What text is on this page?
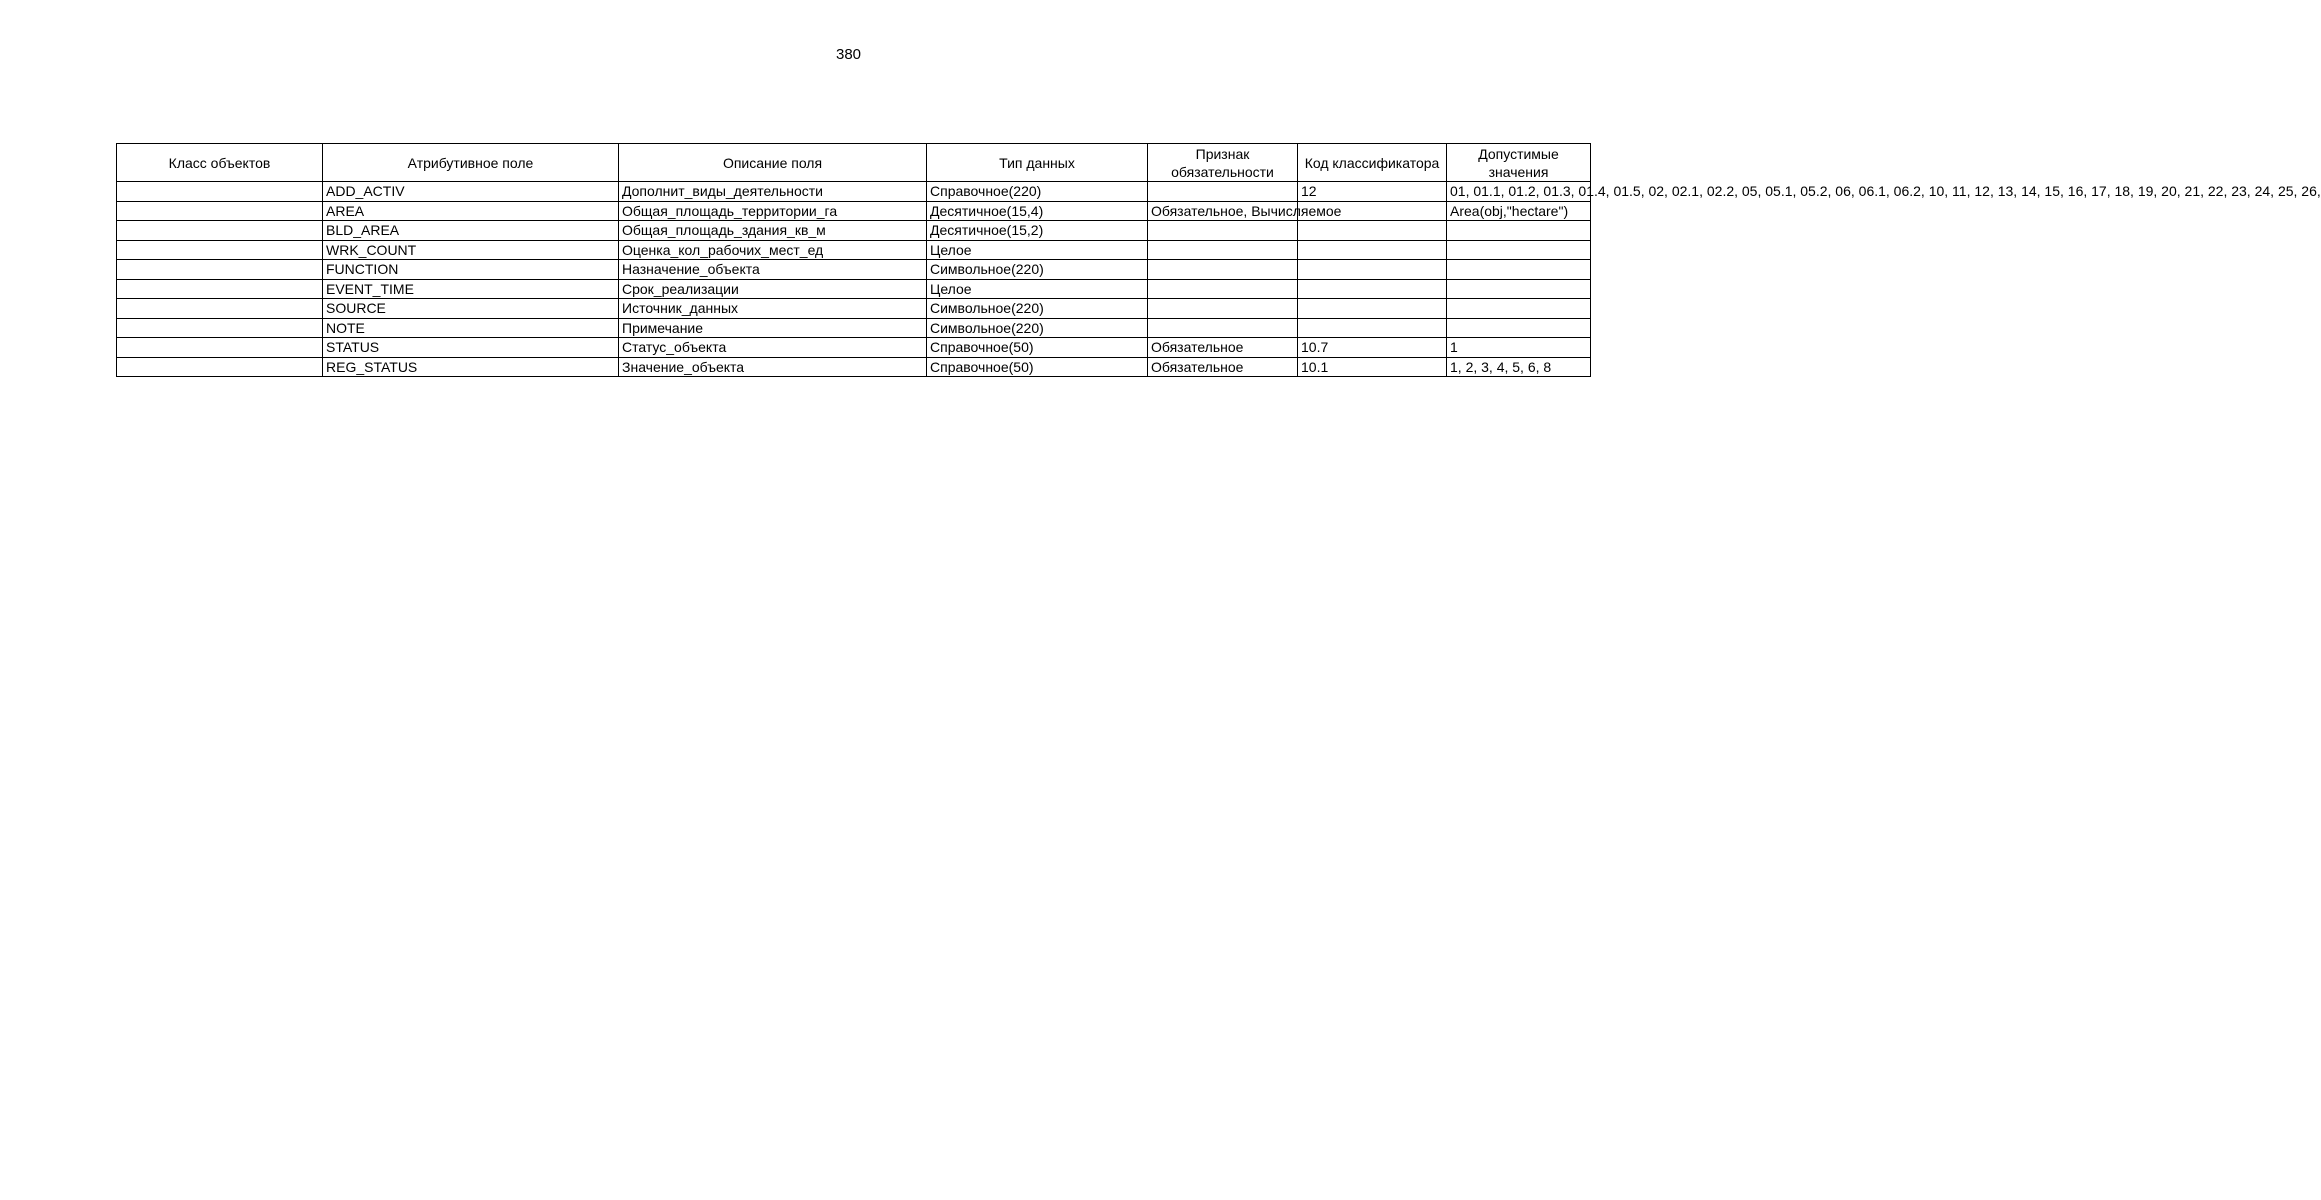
380
Класс объектов	Атрибутивное поле	Описание поля	Тип данных	Признак обязательности	Код классификатора	Допустимые значения
	ADD_ACTIV	Дополнит_виды_деятельности	Справочное(220)		12	01, 01.1, 01.2, 01.3, 01.4, 01.5, 02, 02.1, 02.2, 05, 05.1, 05.2, 06, 06.1, 06.2, 10, 11, 12, 13, 14, 15, 16, 17, 18, 19, 20, 21, 22, 23, 24, 25, 26,
	AREA	Общая_площадь_территории_га	Десятичное(15,4)	Обязательное, Вычисляемое		Area(obj,"hectare")
	BLD_AREA	Общая_площадь_здания_кв_м	Десятичное(15,2)			
	WRK_COUNT	Оценка_кол_рабочих_мест_ед	Целое			
	FUNCTION	Назначение_объекта	Символьное(220)			
	EVENT_TIME	Срок_реализации	Целое			
	SOURCE	Источник_данных	Символьное(220)			
	NOTE	Примечание	Символьное(220)			
	STATUS	Статус_объекта	Справочное(50)	Обязательное	10.7	1
	REG_STATUS	Значение_объекта	Справочное(50)	Обязательное	10.1	1, 2, 3, 4, 5, 6, 8
